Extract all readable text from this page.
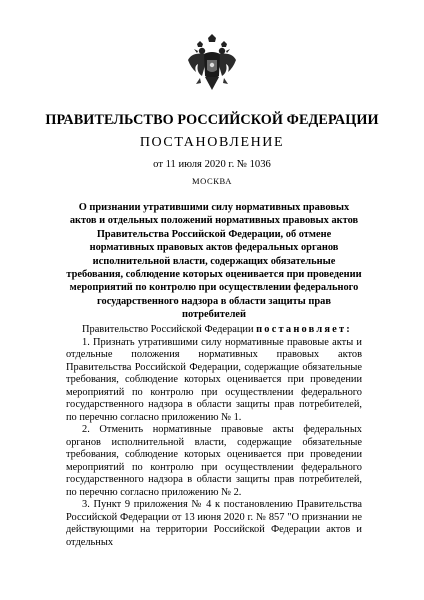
ПРАВИТЕЛЬСТВО РОССИЙСКОЙ ФЕДЕРАЦИИ
ПОСТАНОВЛЕНИЕ
от 11 июля 2020 г. № 1036
МОСКВА
О признании утратившими силу нормативных правовых актов и отдельных положений нормативных правовых актов Правительства Российской Федерации, об отмене нормативных правовых актов федеральных органов исполнительной власти, содержащих обязательные требования, соблюдение которых оценивается при проведении мероприятий по контролю при осуществлении федерального государственного надзора в области защиты прав потребителей

Правительство Российской Федерации постановляет:

1. Признать утратившими силу нормативные правовые акты и отдельные положения нормативных правовых актов Правительства Российской Федерации, содержащие обязательные требования, соблюдение которых оценивается при проведении мероприятий по контролю при осуществлении федерального государственного надзора в области защиты прав потребителей, по перечню согласно приложению № 1.

2. Отменить нормативные правовые акты федеральных органов исполнительной власти, содержащие обязательные требования, соблюдение которых оценивается при проведении мероприятий по контролю при осуществлении федерального государственного надзора в области защиты прав потребителей, по перечню согласно приложению № 2.

3. Пункт 9 приложения № 4 к постановлению Правительства Российской Федерации от 13 июня 2020 г. № 857 "О признании не действующими на территории Российской Федерации актов и отдельных
